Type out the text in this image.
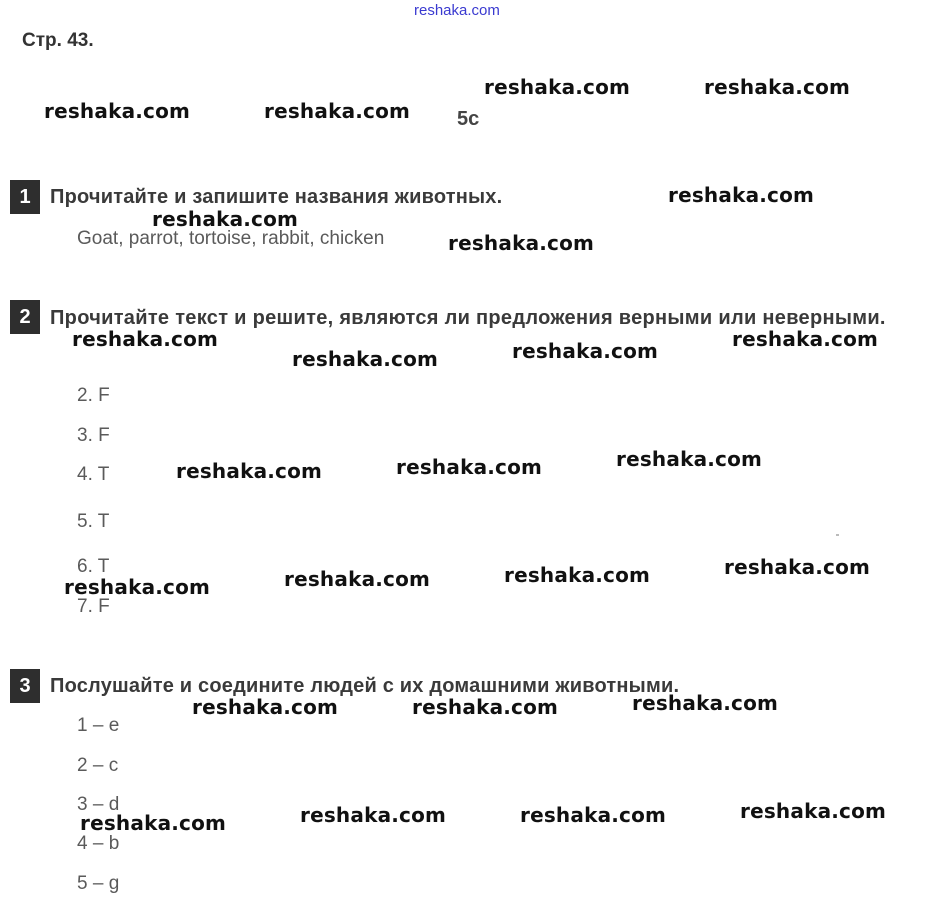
reshaka.com
Стр. 43.
5c
1 Прочитайте и запишите названия животных.
Goat, parrot, tortoise, rabbit, chicken
2 Прочитайте текст и решите, являются ли предложения верными или неверными.
2. F
3. F
4. T
5. T
6. T
7. F
3 Послушайте и соедините людей с их домашними животными.
1 – e
2 – c
3 – d
4 – b
5 – g
reshaka.com	reshaka.com
reshaka.com	reshaka.com
reshaka.com
reshaka.com
reshaka.com
reshaka.com	reshaka.com
reshaka.com
reshaka.com
reshaka.com
reshaka.com
reshaka.com
reshaka.com
reshaka.com
reshaka.com
reshaka.com
reshaka.com
reshaka.com	reshaka.com
reshaka.com
reshaka.com	reshaka.com
reshaka.com
